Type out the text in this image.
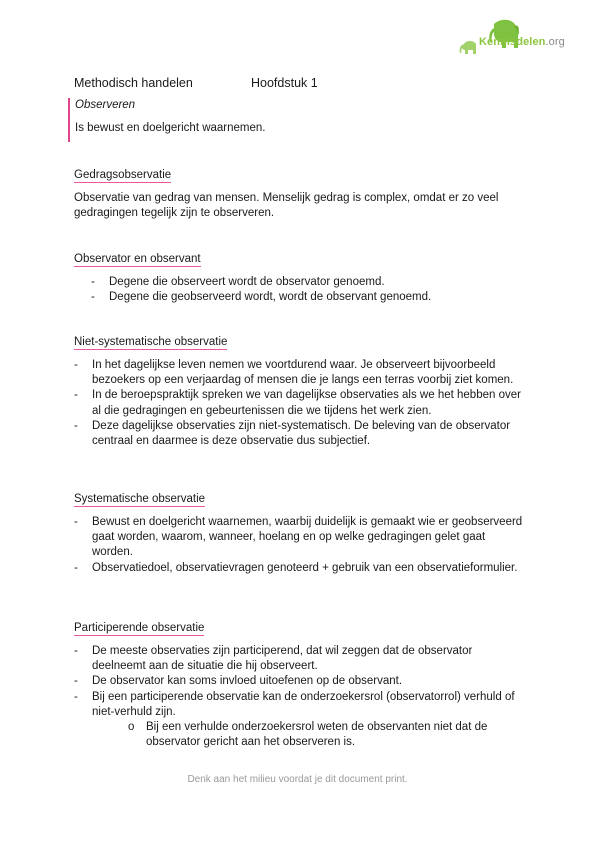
Kennisdelen.org
Methodisch handelen	Hoofdstuk 1
Observeren
Is bewust en doelgericht waarnemen.
Gedragsobservatie
Observatie van gedrag van mensen. Menselijk gedrag is complex, omdat er zo veel gedragingen tegelijk zijn te observeren.
Observator en observant
- Degene die observeert wordt de observator genoemd.
- Degene die geobserveerd wordt, wordt de observant genoemd.
Niet-systematische observatie
- In het dagelijkse leven nemen we voortdurend waar. Je observeert bijvoorbeeld bezoekers op een verjaardag of mensen die je langs een terras voorbij ziet komen.
- In de beroepspraktijk spreken we van dagelijkse observaties als we het hebben over al die gedragingen en gebeurtenissen die we tijdens het werk zien.
- Deze dagelijkse observaties zijn niet-systematisch. De beleving van de observator centraal en daarmee is deze observatie dus subjectief.
Systematische observatie
- Bewust en doelgericht waarnemen, waarbij duidelijk is gemaakt wie er geobserveerd gaat worden, waarom, wanneer, hoelang en op welke gedragingen gelet gaat worden.
- Observatiedoel, observatievragen genoteerd + gebruik van een observatieformulier.
Participerende observatie
- De meeste observaties zijn participerend, dat wil zeggen dat de observator deelneemt aan de situatie die hij observeert.
- De observator kan soms invloed uitoefenen op de observant.
- Bij een participerende observatie kan de onderzoekersrol (observatorrol) verhuld of niet-verhuld zijn.
o Bij een verhulde onderzoekersrol weten de observanten niet dat de observator gericht aan het observeren is.
Denk aan het milieu voordat je dit document print.
